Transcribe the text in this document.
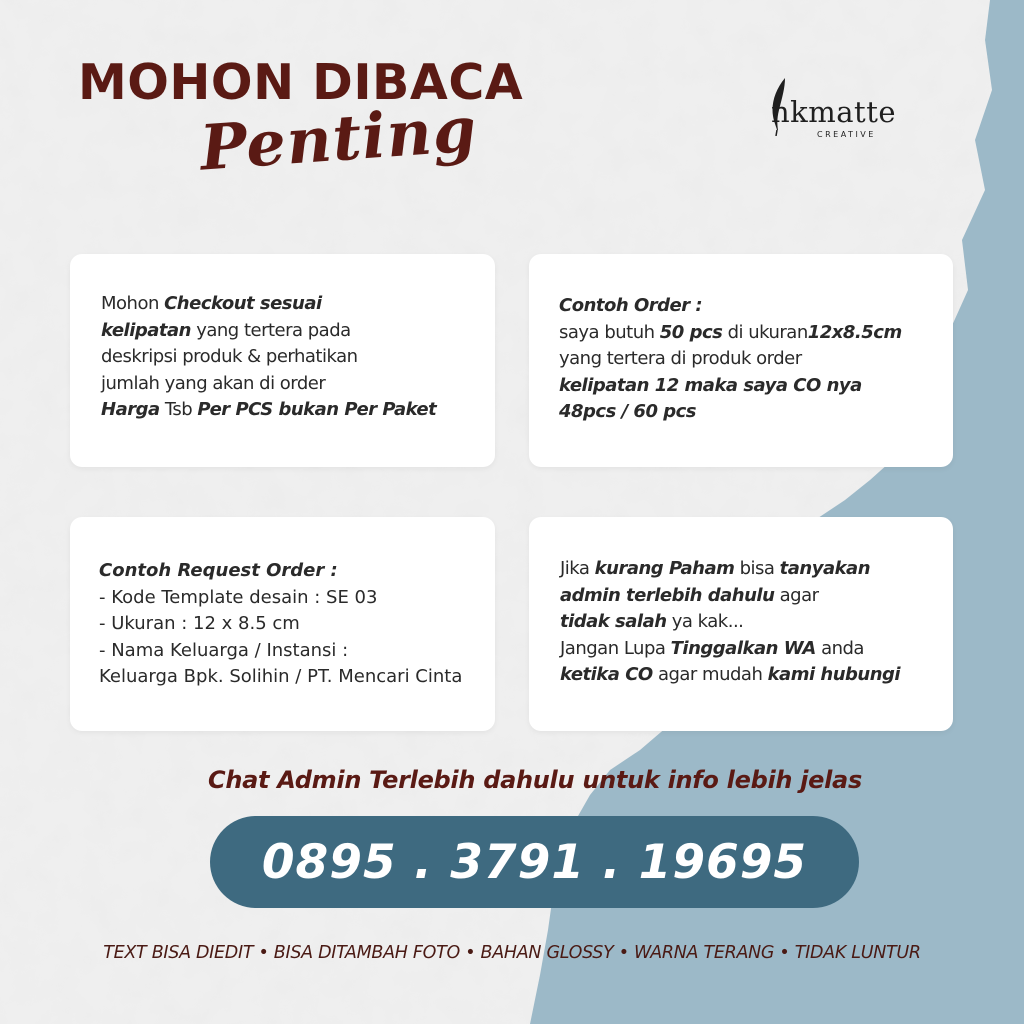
MOHON DIBACA
Penting	nkmatte
CREATIVE

Mohon Checkout sesuai

kelipatan yang tertera pada

deskripsi produk & perhatikan

jumlah yang akan di order

Harga Tsb Per PCS bukan Per Paket

Contoh Order :

saya butuh 50 pcs di ukuran12x8.5cm

yang tertera di produk order

kelipatan 12 maka saya CO nya

48pcs / 60 pcs

Contoh Request Order :

- Kode Template desain : SE 03

- Ukuran : 12 x 8.5 cm

- Nama Keluarga / Instansi :

Keluarga Bpk. Solihin / PT. Mencari Cinta

Jika kurang Paham bisa tanyakan

admin terlebih dahulu agar

tidak salah ya kak...

Jangan Lupa Tinggalkan WA anda

ketika CO agar mudah kami hubungi

Chat Admin Terlebih dahulu untuk info lebih jelas
0895 . 3791 . 19695
TEXT BISA DIEDIT • BISA DITAMBAH FOTO • BAHAN GLOSSY • WARNA TERANG • TIDAK LUNTUR
